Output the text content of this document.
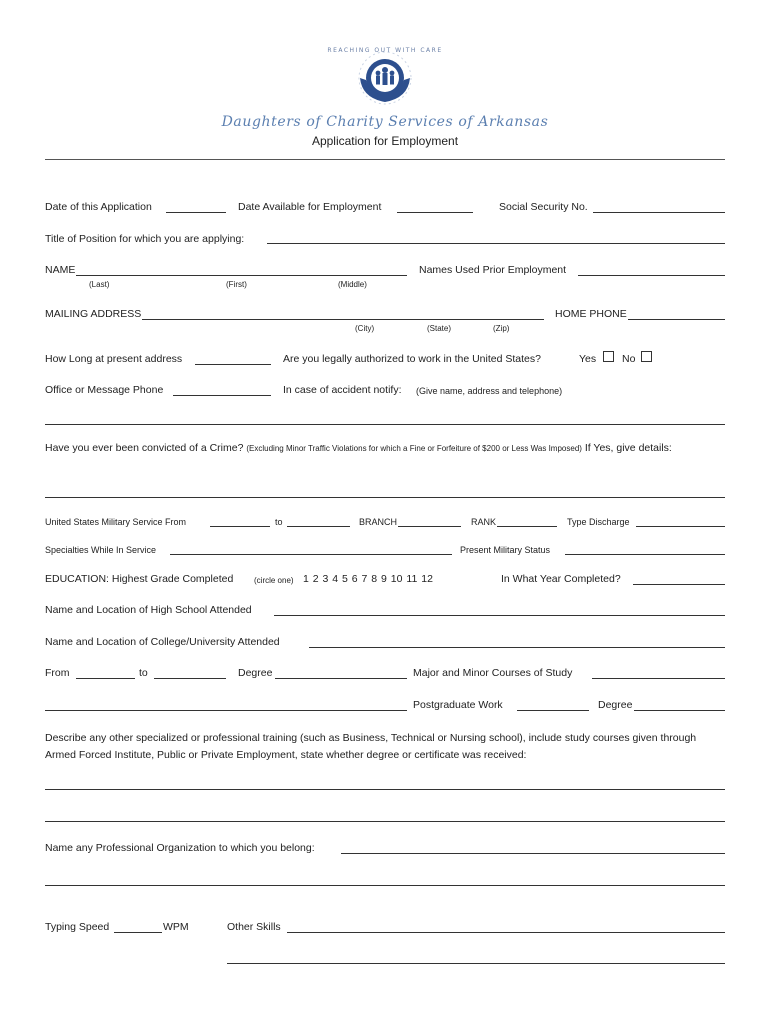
REACHING OUT WITH CARE
Daughters of Charity Services of Arkansas
Application for Employment
Date of this Application	Date Available for Employment	Social Security No.
Title of Position for which you are applying:
NAME
(Last)	(First)	(Middle)
Names Used Prior Employment
MAILING ADDRESS
(City)	(State)	(Zip)
HOME PHONE
How Long at present address	Are you legally authorized to work in the United States?	Yes No
Office or Message Phone	In case of accident notify: (Give name, address and telephone)
Have you ever been convicted of a Crime? (Excluding Minor Traffic Violations for which a Fine or Forfeiture of $200 or Less Was Imposed) If Yes, give details:
United States Military Service From	to	BRANCH	RANK	Type Discharge
Specialties While In Service	Present Military Status
EDUCATION: Highest Grade Completed	(circle one) 1 2 3 4 5 6 7 8 9 10 11 12	In What Year Completed?
Name and Location of High School Attended
Name and Location of College/University Attended
From	to	Degree	Major and Minor Courses of Study
Postgraduate Work	Degree
Describe any other specialized or professional training (such as Business, Technical or Nursing school), include study courses given through Armed Forced Institute, Public or Private Employment, state whether degree or certificate was received:
Name any Professional Organization to which you belong:
Typing Speed	WPM	Other Skills
